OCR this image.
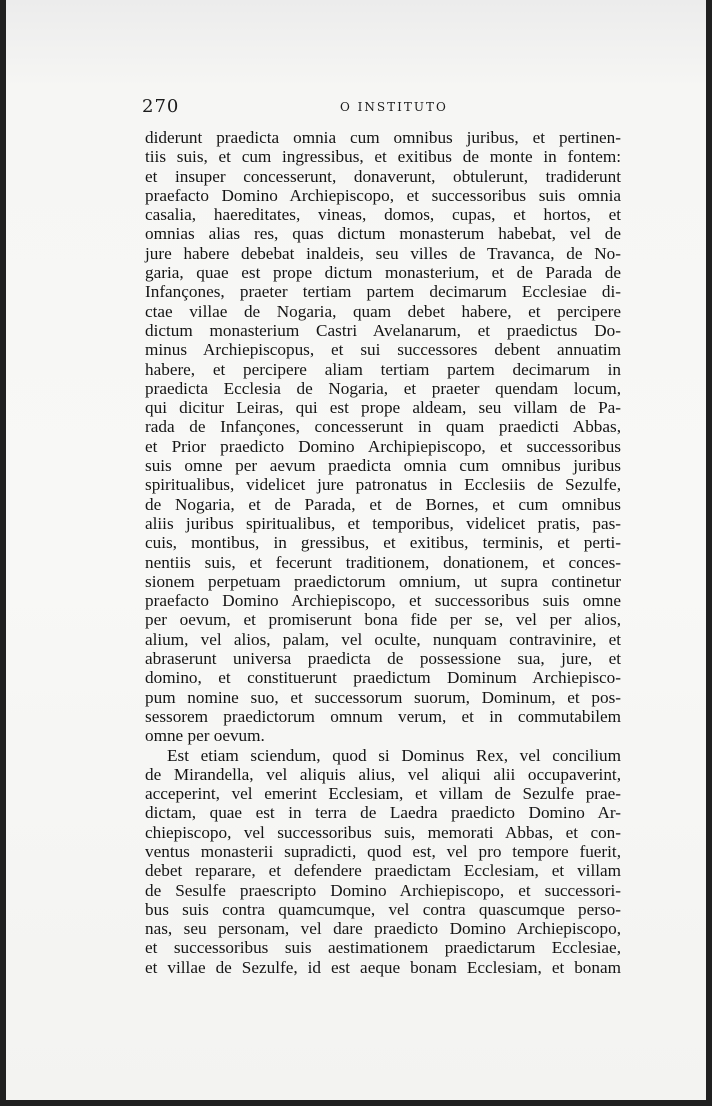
270	O INSTITUTO
diderunt praedicta omnia cum omnibus juribus, et pertinen-
tiis suis, et cum ingressibus, et exitibus de monte in fontem:
et insuper concesserunt, donaverunt, obtulerunt, tradiderunt
praefacto Domino Archiepiscopo, et successoribus suis omnia
casalia, haereditates, vineas, domos, cupas, et hortos, et
omnias alias res, quas dictum monasterum habebat, vel de
jure habere debebat inaldeis, seu villes de Travanca, de No-
garia, quae est prope dictum monasterium, et de Parada de
Infançones, praeter tertiam partem decimarum Ecclesiae di-
ctae villae de Nogaria, quam debet habere, et percipere
dictum monasterium Castri Avelanarum, et praedictus Do-
minus Archiepiscopus, et sui successores debent annuatim
habere, et percipere aliam tertiam partem decimarum in
praedicta Ecclesia de Nogaria, et praeter quendam locum,
qui dicitur Leiras, qui est prope aldeam, seu villam de Pa-
rada de Infançones, concesserunt in quam praedicti Abbas,
et Prior praedicto Domino Archipiepiscopo, et successoribus
suis omne per aevum praedicta omnia cum omnibus juribus
spiritualibus, videlicet jure patronatus in Ecclesiis de Sezulfe,
de Nogaria, et de Parada, et de Bornes, et cum omnibus
aliis juribus spiritualibus, et temporibus, videlicet pratis, pas-
cuis, montibus, in gressibus, et exitibus, terminis, et perti-
nentiis suis, et fecerunt traditionem, donationem, et conces-
sionem perpetuam praedictorum omnium, ut supra continetur
praefacto Domino Archiepiscopo, et successoribus suis omne
per oevum, et promiserunt bona fide per se, vel per alios,
alium, vel alios, palam, vel oculte, nunquam contravinire, et
abraserunt universa praedicta de possessione sua, jure, et
domino, et constituerunt praedictum Dominum Archiepisco-
pum nomine suo, et successorum suorum, Dominum, et pos-
sessorem praedictorum omnum verum, et in commutabilem
omne per oevum.
Est etiam sciendum, quod si Dominus Rex, vel concilium
de Mirandella, vel aliquis alius, vel aliqui alii occupaverint,
acceperint, vel emerint Ecclesiam, et villam de Sezulfe prae-
dictam, quae est in terra de Laedra praedicto Domino Ar-
chiepiscopo, vel successoribus suis, memorati Abbas, et con-
ventus monasterii supradicti, quod est, vel pro tempore fuerit,
debet reparare, et defendere praedictam Ecclesiam, et villam
de Sesulfe praescripto Domino Archiepiscopo, et successori-
bus suis contra quamcumque, vel contra quascumque perso-
nas, seu personam, vel dare praedicto Domino Archiepiscopo,
et successoribus suis aestimationem praedictarum Ecclesiae,
et villae de Sezulfe, id est aeque bonam Ecclesiam, et bonam
